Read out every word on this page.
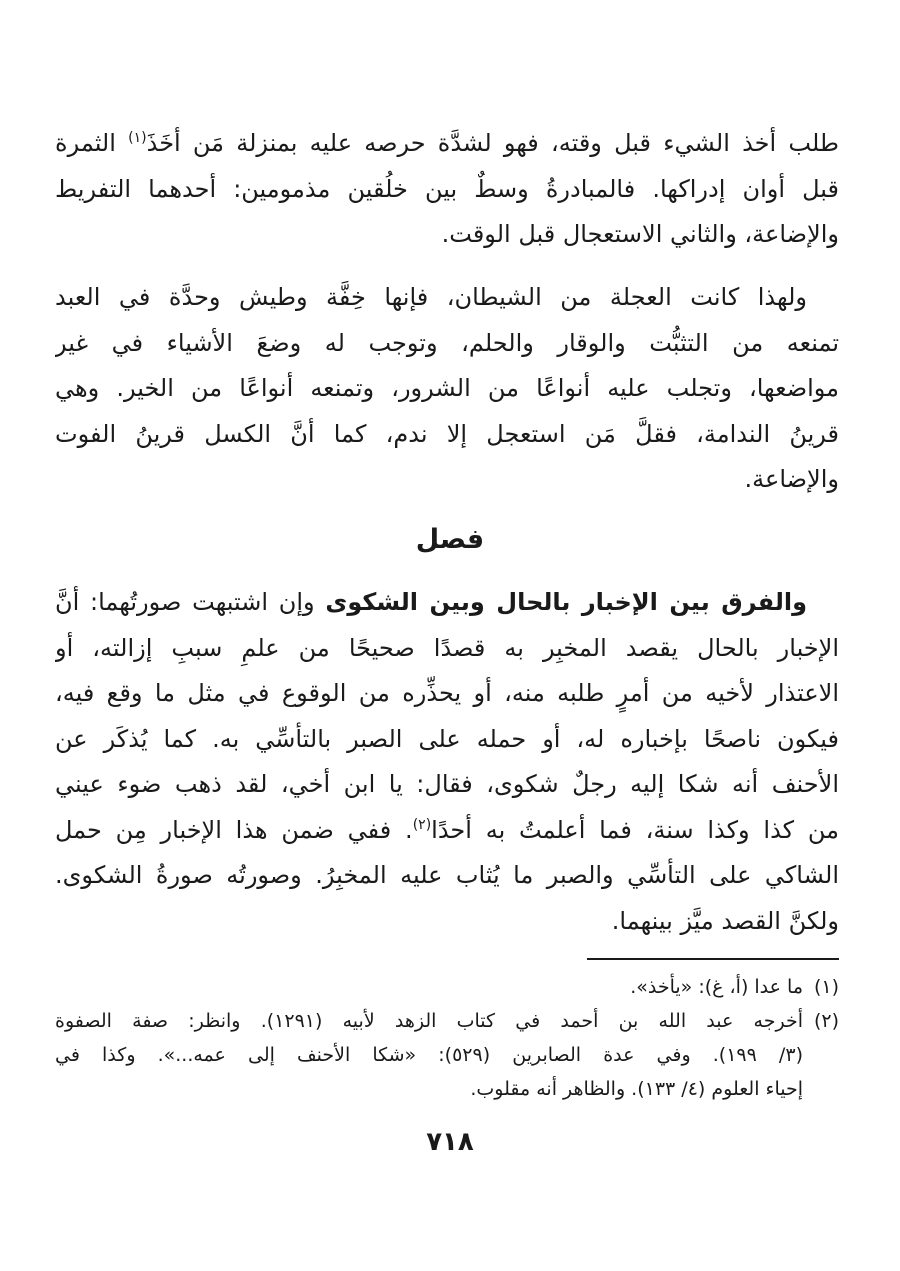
طلب أخذ الشيء قبل وقته، فهو لشدَّة حرصه عليه بمنزلة مَن أخَذَ$^{(١)}$ الثمرة
قبل أوان إدراكها. فالمبادرةُ وسطٌ بين خلُقين مذمومين: أحدهما التفريط
والإضاعة، والثاني الاستعجال قبل الوقت.
ولهذا كانت العجلة من الشيطان، فإنها خِفَّة وطيش وحدَّة في العبد
تمنعه من التثبُّت والوقار والحلم، وتوجب له وضعَ الأشياء في غير
مواضعها، وتجلب عليه أنواعًا من الشرور، وتمنعه أنواعًا من الخير. وهي
قرينُ الندامة، فقلَّ مَن استعجل إلا ندم، كما أنَّ الكسل قرينُ الفوت
والإضاعة.
فصل
والفرق بين الإخبار بالحال وبين الشكوى وإن اشتبهت صورتُهما: أنَّ
الإخبار بالحال يقصد المخبِر به قصدًا صحيحًا من علمِ سببِ إزالته، أو
الاعتذار لأخيه من أمرٍ طلبه منه، أو يحذِّره من الوقوع في مثل ما وقع فيه،
فيكون ناصحًا بإخباره له، أو حمله على الصبر بالتأسِّي به. كما يُذكَر عن
الأحنف أنه شكا إليه رجلٌ شكوى، فقال: يا ابن أخي، لقد ذهب ضوء عيني
من كذا وكذا سنة، فما أعلمتُ به أحدًا$^{(٢)}$. ففي ضمن هذا الإخبار مِن حمل
الشاكي على التأسِّي والصبر ما يُثاب عليه المخبِرُ. وصورتُه صورةُ الشكوى.
ولكنَّ القصد ميَّز بينهما.
(١)ما عدا (أ، غ): «يأخذ».
(٢)أخرجه عبد الله بن أحمد في كتاب الزهد لأبيه (١٢٩١). وانظر: صفة الصفوة
(٣/ ١٩٩). وفي عدة الصابرين (٥٢٩): «شكا الأحنف إلى عمه...». وكذا في
إحياء العلوم (٤/ ١٣٣). والظاهر أنه مقلوب.
٧١٨
